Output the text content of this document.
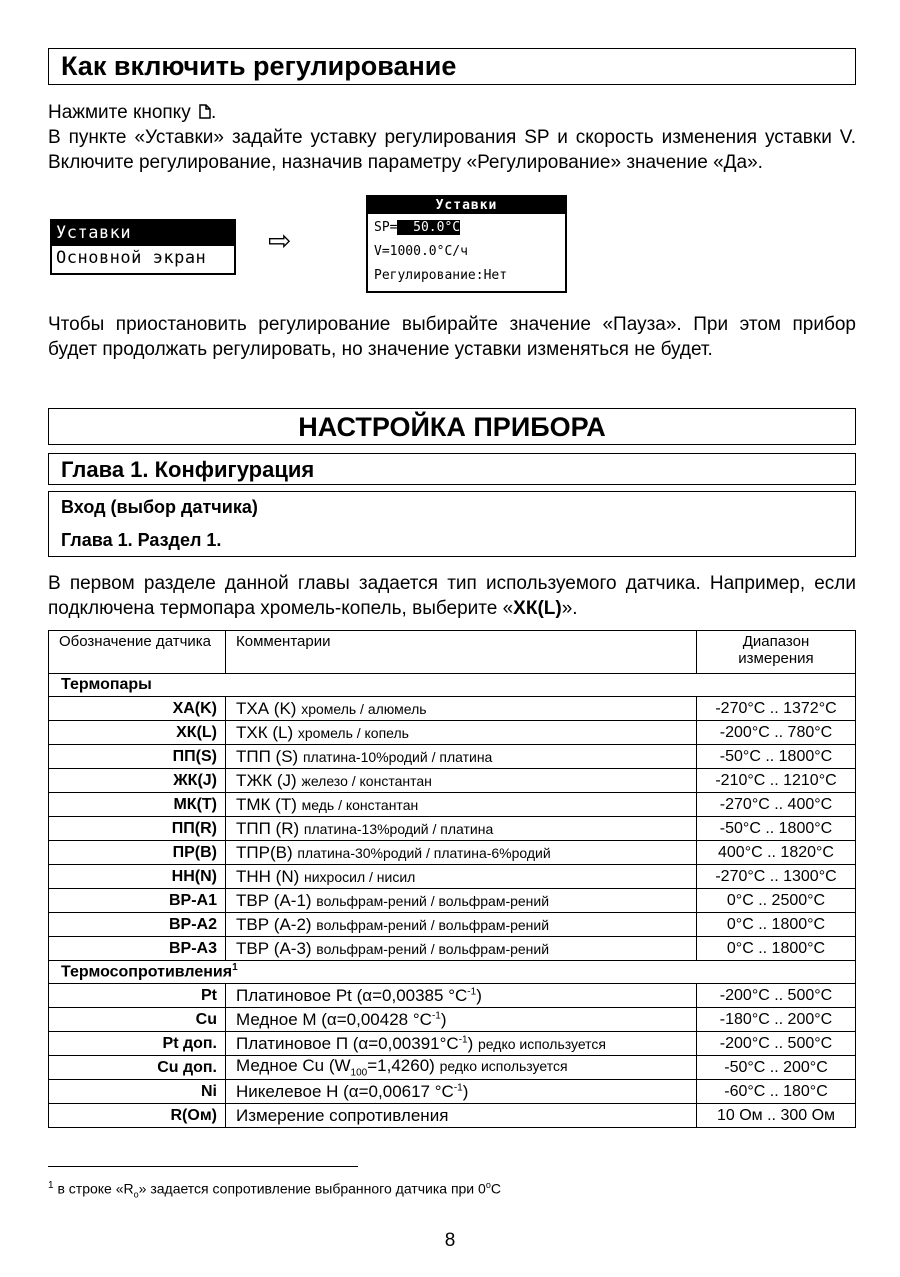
Как включить регулирование
Нажмите кнопку .
В пункте «Уставки» задайте уставку регулирования SP и скорость изменения уставки V. Включите регулирование, назначив параметру «Регулирование» значение «Да».
Уставки
Основной экран
⇨
Уставки
SP=  50.0°C
V=1000.0°C/ч
Регулирование:Нет
Чтобы приостановить регулирование выбирайте значение «Пауза». При этом прибор будет продолжать регулировать, но значение уставки изменяться не будет.
НАСТРОЙКА ПРИБОРА
Глава 1. Конфигурация
Вход (выбор датчика)
Глава 1. Раздел 1.
В первом разделе данной главы задается тип используемого датчика. Например, если подключена термопара хромель-копель, выберите «ХК(L)».
Обозначение датчика	Комментарии	Диапазон измерения
Термопары		
ХА(K)	ТХА (K) хромель / алюмель	-270°C .. 1372°C
ХК(L)	ТХК (L) хромель / копель	-200°C .. 780°C
ПП(S)	ТПП (S) платина-10%родий / платина	-50°C .. 1800°C
ЖК(J)	ТЖК (J) железо / константан	-210°C .. 1210°C
МК(T)	ТМК (T) медь / константан	-270°C .. 400°C
ПП(R)	ТПП (R) платина-13%родий / платина	-50°C .. 1800°C
ПР(B)	ТПР(B) платина-30%родий / платина-6%родий	400°C .. 1820°C
НН(N)	ТНН (N) нихросил / нисил	-270°C .. 1300°C
ВР-А1	ТВР (А-1) вольфрам-рений / вольфрам-рений	0°C .. 2500°C
ВР-А2	ТВР (А-2) вольфрам-рений / вольфрам-рений	0°C .. 1800°C
ВР-А3	ТВР (А-3) вольфрам-рений / вольфрам-рений	0°C .. 1800°C
Термосопротивления$^1$
Pt	Платиновое Pt (α=0,00385 $^\circ C^{-1}$)	-200°C .. 500°C
Cu	Медное М (α=0,00428 $^\circ C^{-1}$)	-180°C .. 200°C
Pt доп.	Платиновое П $(\alpha=0,00391^\circ C^{-1})$ редко используется	-200°C .. 500°C
Cu доп.	Медное Cu $(W_{100}=1,4260)$ редко используется	-50°C .. 200°C
Ni	Никелевое Н (α=0,00617 $^\circ C^{-1}$)	-60°C .. 180°C
R(Ом)	Измерение сопротивления	10 Ом .. 300 Ом
$^1$ в строке «$R_o$» задается сопротивление выбранного датчика при 0$^o$С
8
